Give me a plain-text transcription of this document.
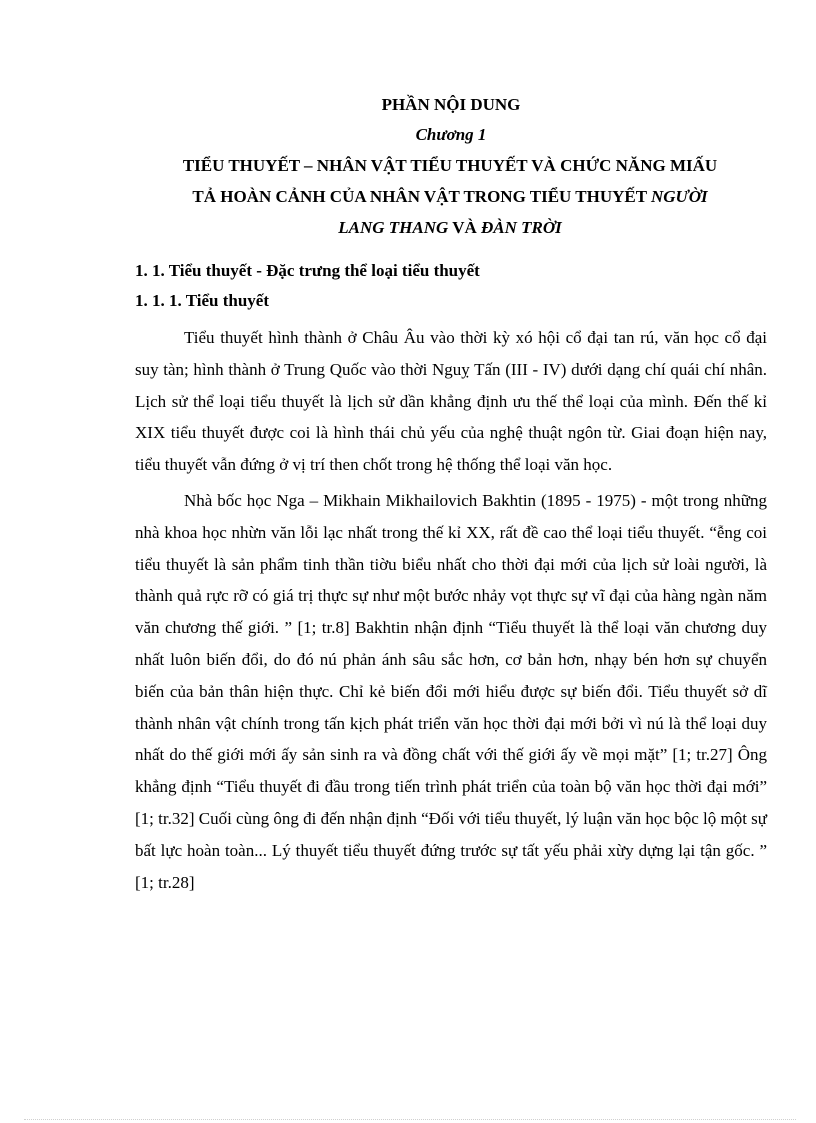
PHẦN NỘI DUNG

Chương 1

TIỂU THUYẾT – NHÂN VẬT TIỂU THUYẾT VÀ CHỨC NĂNG MIẤU
TẢ HOÀN CẢNH CỦA NHÂN VẬT TRONG TIỂU THUYẾT NGƯỜI
LANG THANG VÀ ĐÀN TRỜI
1. 1. Tiểu thuyết - Đặc trưng thể loại tiểu thuyết
1. 1. 1. Tiểu thuyết

Tiểu thuyết hình thành ở Châu Âu vào thời kỳ xó hội cổ đại tan rú, văn học cổ đại suy tàn; hình thành ở Trung Quốc vào thời Nguỵ Tấn (III - IV) dưới dạng chí quái chí nhân. Lịch sử thể loại tiểu thuyết là lịch sử dần khẳng định ưu thế thể loại của mình. Đến thế kỉ XIX tiểu thuyết được coi là hình thái chủ yếu của nghệ thuật ngôn từ. Giai đoạn hiện nay, tiểu thuyết vẫn đứng ở vị trí then chốt trong hệ thống thể loại văn học.

Nhà bốc học Nga – Mikhain Mikhailovich Bakhtin (1895 - 1975) - một trong những nhà khoa học nhừn văn lỗi lạc nhất trong thế kỉ XX, rất đề cao thể loại tiểu thuyết. “ễng coi tiểu thuyết là sản phẩm tinh thần tiờu biểu nhất cho thời đại mới của lịch sử loài người, là thành quả rực rỡ có giá trị thực sự như một bước nhảy vọt thực sự vĩ đại của hàng ngàn năm văn chương thế giới. ” [1; tr.8] Bakhtin nhận định “Tiểu thuyết là thể loại văn chương duy nhất luôn biến đổi, do đó nú phản ánh sâu sắc hơn, cơ bản hơn, nhạy bén hơn sự chuyển biến của bản thân hiện thực. Chỉ kẻ biến đổi mới hiểu được sự biến đổi. Tiểu thuyết sở dĩ thành nhân vật chính trong tấn kịch phát triển văn học thời đại mới bởi vì nú là thể loại duy nhất do thế giới mới ấy sản sinh ra và đồng chất với thế giới ấy về mọi mặt” [1; tr.27] Ông khẳng định “Tiểu thuyết đi đầu trong tiến trình phát triển của toàn bộ văn học thời đại mới” [1; tr.32] Cuối cùng ông đi đến nhận định “Đối với tiểu thuyết, lý luận văn học bộc lộ một sự bất lực hoàn toàn... Lý thuyết tiểu thuyết đứng trước sự tất yếu phải xừy dựng lại tận gốc. ” [1; tr.28]
